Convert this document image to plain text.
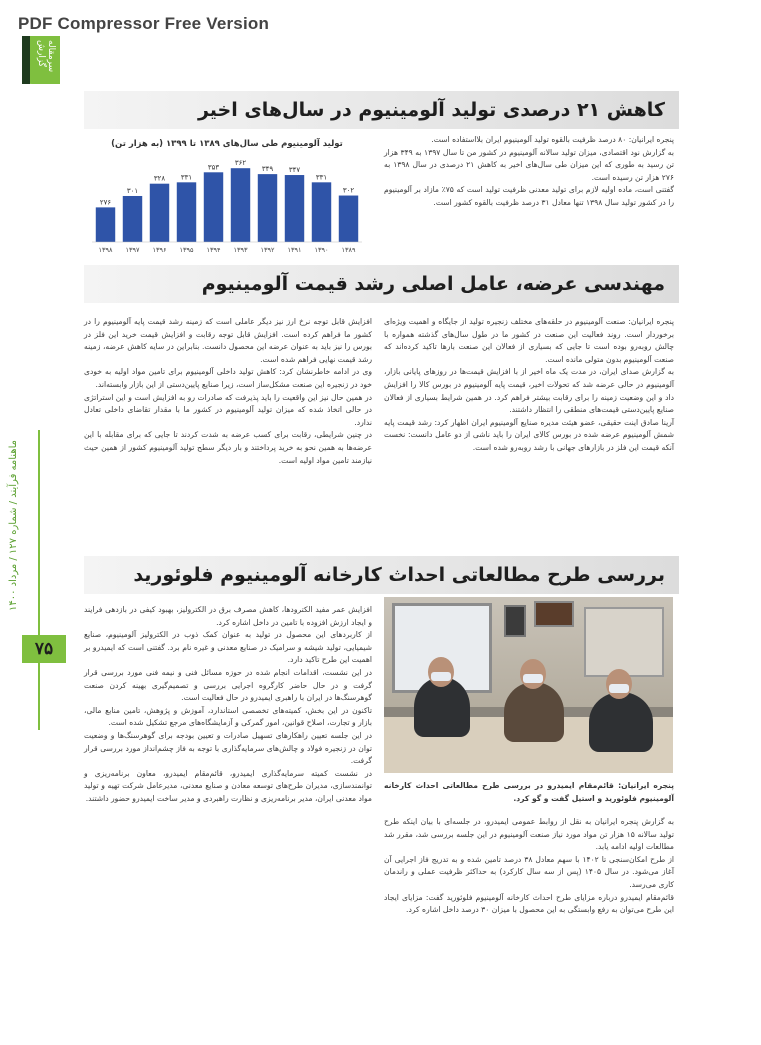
PDF Compressor Free Version
سرمقاله گزارش
ماهنامه فرآیند / شماره ۱۲۷ / مرداد ۱۴۰۰
۷۵
کاهش ۲۱ درصدی تولید آلومینیوم در سال‌های اخیر

پنجره ایرانیان: ۸۰ درصد ظرفیت بالقوه تولید آلومینیوم ایران بلااستفاده است.

به گزارش نود اقتصادی، میزان تولید سالانه آلومینیوم در کشور من تا سال ۱۳۹۷ به ۳۴۹ هزار تن رسید به طوری که این میزان طی سال‌های اخیر به کاهش ۲۱ درصدی در سال ۱۳۹۸ به ۲۷۶ هزار تن رسیده است.

گفتنی است، ماده اولیه لازم برای تولید معدنی ظرفیت تولید است که ۷۵٪ مازاد بر آلومینیوم را در کشور تولید سال ۱۳۹۸ تنها معادل ۳۱ درصد ظرفیت بالقوه کشور است.

تولید آلومینیوم طی سال‌های ۱۳۸۹ تا ۱۳۹۹ (به هزار تن)
۳۰۲
۱۳۸۹
۳۳۱
۱۳۹۰
۳۴۷
۱۳۹۱
۳۴۹
۱۳۹۲
۳۶۲
۱۳۹۳
۳۵۳
۱۳۹۴
۳۳۱
۱۳۹۵
۳۲۸
۱۳۹۶
۳۰۱
۱۳۹۷
۲۷۶
۱۳۹۸
مهندسی عرضه، عامل اصلی رشد قیمت آلومینیوم

پنجره ایرانیان: صنعت آلومینیوم در حلقه‌های مختلف زنجیره تولید از جایگاه و اهمیت ویژه‌ای برخوردار است. روند فعالیت این صنعت در کشور ما در طول سال‌های گذشته همواره با چالش روبه‌رو بوده است تا جایی که بسیاری از فعالان این صنعت بارها تاکید کرده‌اند که صنعت آلومینیوم بدون متولی مانده است.

به گزارش صدای ایران، در مدت یک ماه اخیر از با افزایش قیمت‌ها در روزهای پایانی بازار، آلومینیوم در حالی عرضه شد که تحولات اخیر، قیمت پایه آلومینیوم در بورس کالا را افزایش داد و این وضعیت زمینه را برای رقابت بیشتر فراهم کرد. در همین شرایط بسیاری از فعالان صنایع پایین‌دستی قیمت‌های منطقی را انتظار داشتند.

آرینا صادق اینت حقیقی، عضو هیئت مدیره صنایع آلومینیوم ایران اظهار کرد: رشد قیمت پایه شمش آلومینیوم عرضه شده در بورس کالای ایران را باید ناشی از دو عامل دانست: نخست آنکه قیمت این فلز در بازارهای جهانی با رشد روبه‌رو شده است.

افزایش قابل توجه نرخ ارز نیز دیگر عاملی است که زمینه رشد قیمت پایه آلومینیوم را در کشور ما فراهم کرده است. افزایش قابل توجه رقابت و افزایش قیمت خرید این فلز در بورس را نیز باید به عنوان عرضه این محصول دانست. بنابراین در سایه کاهش عرضه، زمینه رشد قیمت نهایی فراهم شده است.

وی در ادامه خاطرنشان کرد: کاهش تولید داخلی آلومینیوم برای تامین مواد اولیه به خودی خود در زنجیره این صنعت مشکل‌ساز است، زیرا صنایع پایین‌دستی از این بازار وابسته‌اند.

در همین حال نیز این واقعیت را باید پذیرفت که صادرات رو به افزایش است و این استراتژی در حالی اتخاذ شده که میزان تولید آلومینیوم در کشور ما با مقدار تقاضای داخلی تعادل ندارد.

در چنین شرایطی، رقابت برای کسب عرضه به شدت کردند تا جایی که برای مقابله با این عرضه‌ها به همین نحو به خرید پرداختند و بار دیگر سطح تولید آلومینیوم کشور از همین حیث نیازمند تامین مواد اولیه است.

بررسی طرح مطالعاتی احداث کارخانه آلومینیوم فلوئورید
پنجره ایرانیان: قائم‌مقام ایمیدرو در بررسی طرح مطالعاتی احداث کارخانه آلومینیوم فلوئورید و استیل گفت و گو کرد.

به گزارش پنجره ایرانیان به نقل از روابط عمومی ایمیدرو، در جلسه‌ای با بیان اینکه طرح تولید سالانه ۱۵ هزار تن مواد مورد نیاز صنعت آلومینیوم در این جلسه بررسی شد، مقرر شد مطالعات اولیه ادامه یابد.

از طرح امکان‌سنجی تا ۱۴۰۲ با سهم معادل ۳۸ درصد تامین شده و به تدریج فاز اجرایی آن آغاز می‌شود. در سال ۱۴۰۵ (پس از سه سال کارکرد) به حداکثر ظرفیت عملی و راندمان کاری می‌رسد.

قائم‌مقام ایمیدرو درباره مزایای طرح احداث کارخانه آلومینیوم فلوئورید گفت: مزایای ایجاد این طرح می‌توان به رفع وابستگی به این محصول با میزان ۳۰ درصد داخل اشاره کرد.

افزایش عمر مفید الکترودها، کاهش مصرف برق در الکترولیز، بهبود کیفی در بازدهی فرایند و ایجاد ارزش افزوده با تامین در داخل اشاره کرد.

از کاربردهای این محصول در تولید به عنوان کمک ذوب در الکترولیز آلومینیوم، صنایع شیمیایی، تولید شیشه و سرامیک در صنایع معدنی و غیره نام برد. گفتنی است که ایمیدرو بر اهمیت این طرح تاکید دارد.

در این نشست، اقدامات انجام شده در حوزه مسائل فنی و نیمه فنی مورد بررسی قرار گرفت و در حال حاضر کارگروه اجرایی بررسی و تصمیم‌گیری بهینه کردن صنعت گوهرسنگ‌ها در ایران با راهبری ایمیدرو در حال فعالیت است.

تاکنون در این بخش، کمیته‌های تخصصی استاندارد، آموزش و پژوهش، تامین منابع مالی، بازار و تجارت، اصلاح قوانین، امور گمرکی و آزمایشگاه‌های مرجع تشکیل شده است.

در این جلسه تعیین راهکارهای تسهیل صادرات و تعیین بودجه برای گوهرسنگ‌ها و وضعیت توان در زنجیره فولاد و چالش‌های سرمایه‌گذاری با توجه به فاز چشم‌انداز مورد بررسی قرار گرفت.

در نشست کمیته سرمایه‌گذاری ایمیدرو، قائم‌مقام ایمیدرو، معاون برنامه‌ریزی و توانمندسازی، مدیران طرح‌های توسعه معادن و صنایع معدنی، مدیرعامل شرکت تهیه و تولید مواد معدنی ایران، مدیر برنامه‌ریزی و نظارت راهبردی و مدیر ساخت ایمیدرو حضور داشتند.
